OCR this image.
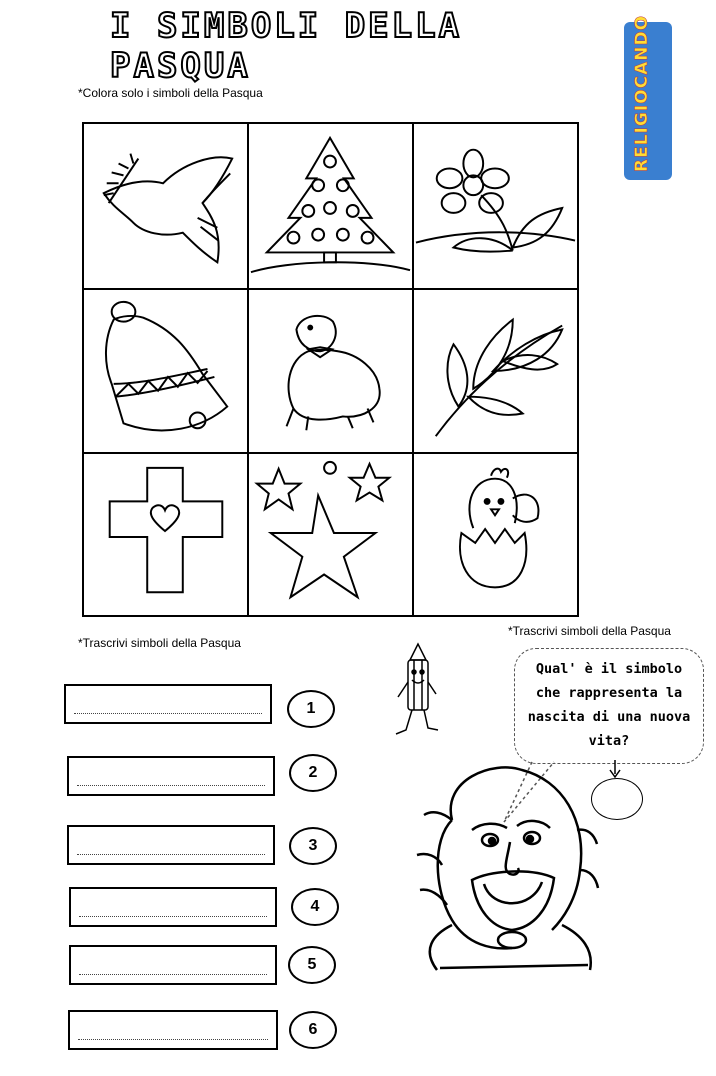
I SIMBOLI DELLA PASQUA	RELIGIOCANDO
*Colora solo i simboli della Pasqua
*Trascrivi simboli della Pasqua
*Trascrivi simboli della Pasqua
1
2
3
4
5
6
Qual' è il simbolo
che rappresenta la
nascita di una nuova
vita?
